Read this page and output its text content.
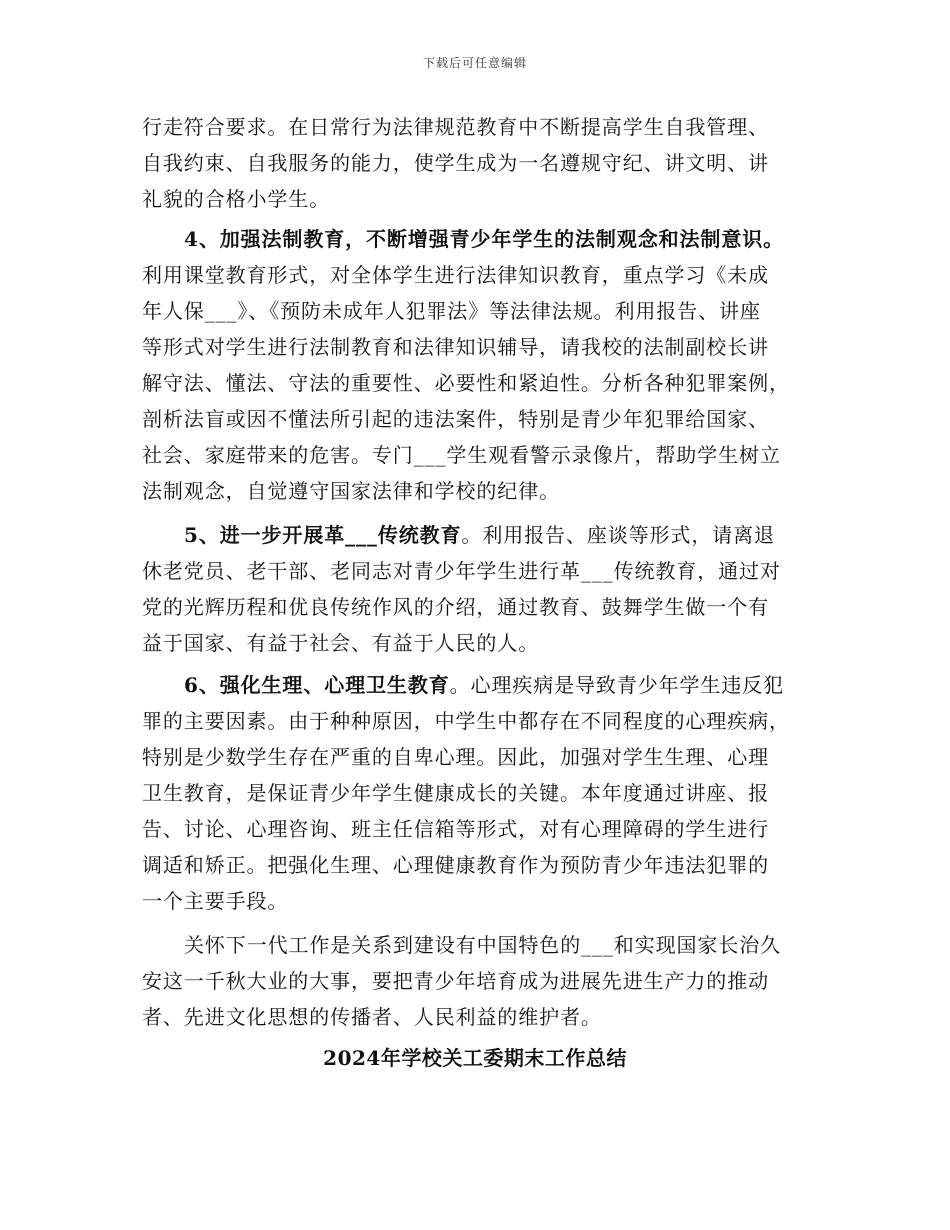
下载后可任意编辑
行走符合要求。在日常行为法律规范教育中不断提高学生自我管理、
自我约束、自我服务的能力，使学生成为一名遵规守纪、讲文明、讲
礼貌的合格小学生。
4、加强法制教育，不断增强青少年学生的法制观念和法制意识。
利用课堂教育形式，对全体学生进行法律知识教育，重点学习《未成
年人保___》、《预防未成年人犯罪法》等法律法规。利用报告、讲座
等形式对学生进行法制教育和法律知识辅导，请我校的法制副校长讲
解守法、懂法、守法的重要性、必要性和紧迫性。分析各种犯罪案例，
剖析法盲或因不懂法所引起的违法案件，特别是青少年犯罪给国家、
社会、家庭带来的危害。专门___学生观看警示录像片，帮助学生树立
法制观念，自觉遵守国家法律和学校的纪律。
5、进一步开展革___传统教育。利用报告、座谈等形式，请离退
休老党员、老干部、老同志对青少年学生进行革___传统教育，通过对
党的光辉历程和优良传统作风的介绍，通过教育、鼓舞学生做一个有
益于国家、有益于社会、有益于人民的人。
6、强化生理、心理卫生教育。心理疾病是导致青少年学生违反犯
罪的主要因素。由于种种原因，中学生中都存在不同程度的心理疾病，
特别是少数学生存在严重的自卑心理。因此，加强对学生生理、心理
卫生教育，是保证青少年学生健康成长的关键。本年度通过讲座、报
告、讨论、心理咨询、班主任信箱等形式，对有心理障碍的学生进行
调适和矫正。把强化生理、心理健康教育作为预防青少年违法犯罪的
一个主要手段。
关怀下一代工作是关系到建设有中国特色的___和实现国家长治久
安这一千秋大业的大事，要把青少年培育成为进展先进生产力的推动
者、先进文化思想的传播者、人民利益的维护者。
2024年学校关工委期末工作总结
